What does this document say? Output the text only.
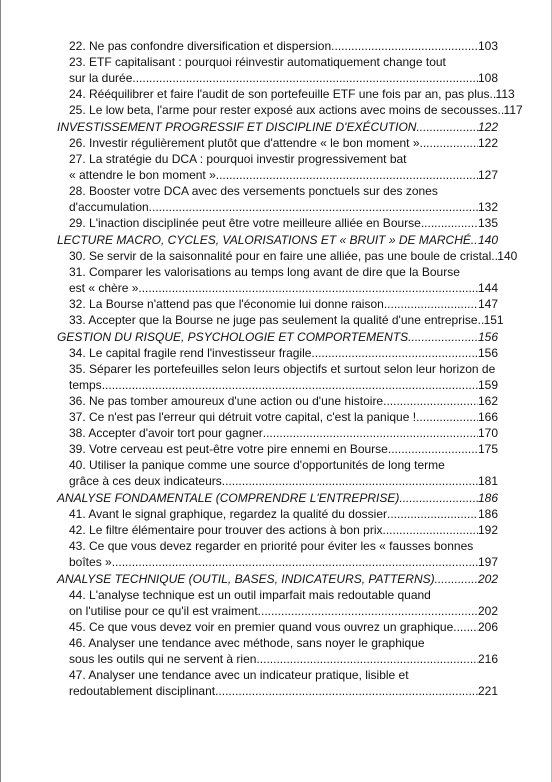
22. Ne pas confondre diversification et dispersion .....	103
23. ETF capitalisant : pourquoi réinvestir automatiquement change tout
sur la durée .....	108
24. Rééquilibrer et faire l'audit de son portefeuille ETF une fois par an, pas plus ..... 113
25. Le low beta, l'arme pour rester exposé aux actions avec moins de secousses ..... 117
INVESTISSEMENT PROGRESSIF ET DISCIPLINE D'EXÉCUTION .....	122
26. Investir régulièrement plutôt que d'attendre « le bon moment » .....	122
27. La stratégie du DCA : pourquoi investir progressivement bat
« attendre le bon moment » .....	127
28. Booster votre DCA avec des versements ponctuels sur des zones
d'accumulation .....	132
29. L'inaction disciplinée peut être votre meilleure alliée en Bourse .....	135
LECTURE MACRO, CYCLES, VALORISATIONS ET « BRUIT » DE MARCHÉ ..... 140
30. Se servir de la saisonnalité pour en faire une alliée, pas une boule de cristal ..... 140
31. Comparer les valorisations au temps long avant de dire que la Bourse
est « chère » .....	144
32. La Bourse n'attend pas que l'économie lui donne raison .....	147
33. Accepter que la Bourse ne juge pas seulement la qualité d'une entreprise ..... 151
GESTION DU RISQUE, PSYCHOLOGIE ET COMPORTEMENTS .....	156
34. Le capital fragile rend l'investisseur fragile .....	156
35. Séparer les portefeuilles selon leurs objectifs et surtout selon leur horizon de
temps .....	159
36. Ne pas tomber amoureux d'une action ou d'une histoire .....	162
37. Ce n'est pas l'erreur qui détruit votre capital, c'est la panique ! .....	166
38. Accepter d'avoir tort pour gagner .....	170
39. Votre cerveau est peut-être votre pire ennemi en Bourse .....	175
40. Utiliser la panique comme une source d'opportunités de long terme
grâce à ces deux indicateurs .....	181
ANALYSE FONDAMENTALE (COMPRENDRE L'ENTREPRISE) .....	186
41. Avant le signal graphique, regardez la qualité du dossier .....	186
42. Le filtre élémentaire pour trouver des actions à bon prix .....	192
43. Ce que vous devez regarder en priorité pour éviter les « fausses bonnes
boîtes » .....	197
ANALYSE TECHNIQUE (OUTIL, BASES, INDICATEURS, PATTERNS) .....	202
44. L'analyse technique est un outil imparfait mais redoutable quand
on l'utilise pour ce qu'il est vraiment .....	202
45. Ce que vous devez voir en premier quand vous ouvrez un graphique ..... 206
46. Analyser une tendance avec méthode, sans noyer le graphique
sous les outils qui ne servent à rien .....	216
47. Analyser une tendance avec un indicateur pratique, lisible et
redoutablement disciplinant .....	221
